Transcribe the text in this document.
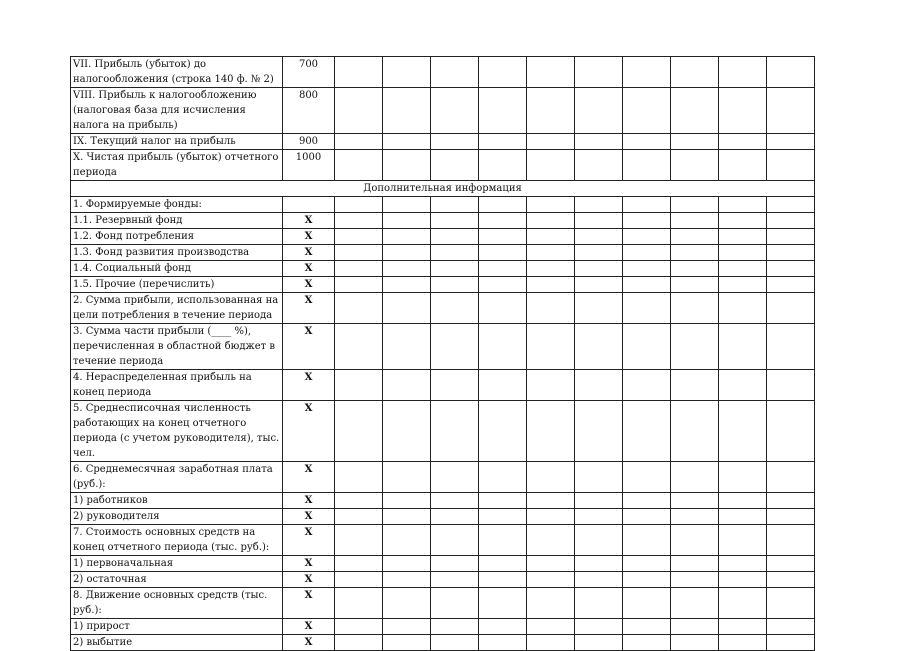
VII. Прибыль (убыток) до налогообложения (строка 140 ф. № 2)	700										
VIII. Прибыль к налогообложению (налоговая база для исчисления налога на прибыль)	800										
IX. Текущий налог на прибыль	900										
X. Чистая прибыль (убыток) отчетного периода	1000										
Дополнительная информация											
1. Формируемые фонды:											
1.1. Резервный фонд	X										
1.2. Фонд потребления	X										
1.3. Фонд развития производства	X										
1.4. Социальный фонд	X										
1.5. Прочие (перечислить)	X										
2. Сумма прибыли, использованная на цели потребления в течение периода	X										
3. Сумма части прибыли (____ %), перечисленная в областной бюджет в течение периода	X										
4. Нераспределенная прибыль на конец периода	X										
5. Среднесписочная численность работающих на конец отчетного периода (с учетом руководителя), тыс. чел.	X										
6. Среднемесячная заработная плата (руб.):	X										
1) работников	X										
2) руководителя	X										
7. Стоимость основных средств на конец отчетного периода (тыс. руб.):	X										
1) первоначальная	X										
2) остаточная	X										
8. Движение основных средств (тыс. руб.):	X										
1) прирост	X										
2) выбытие	X										
